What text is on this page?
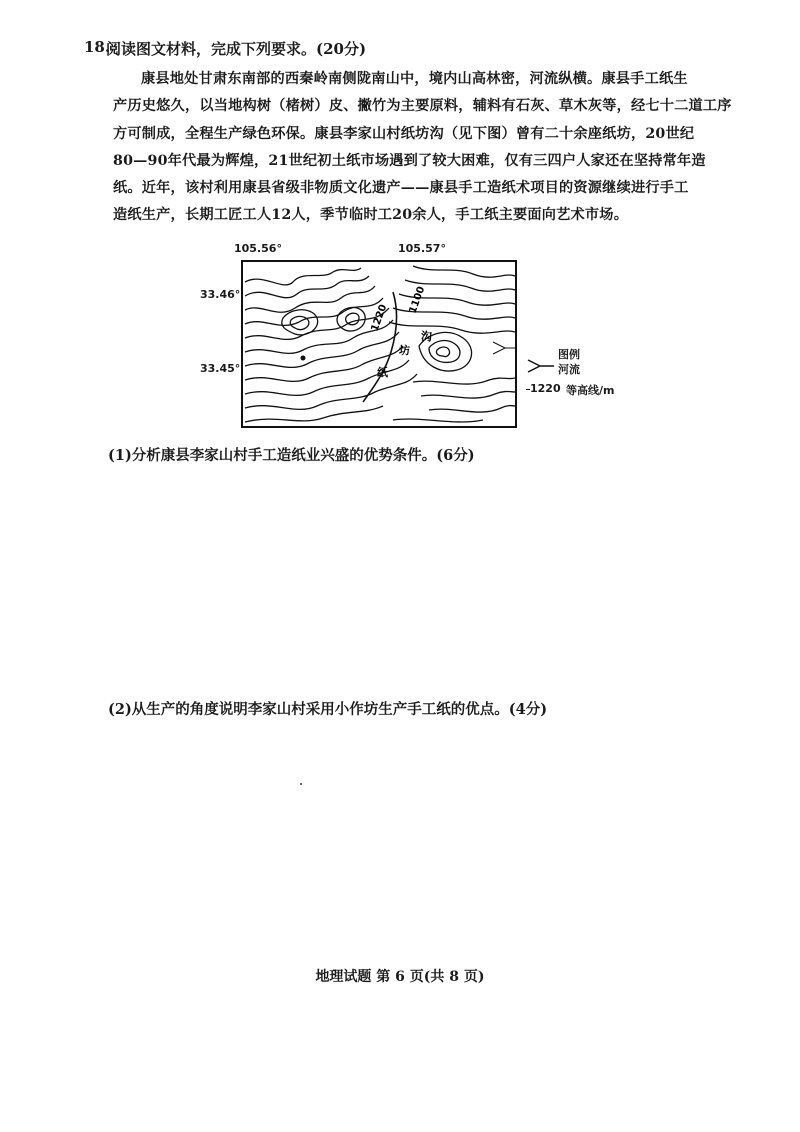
18.
阅读图文材料，完成下列要求。(20分)
康县地处甘肃东南部的西秦岭南侧陇南山中，境内山高林密，河流纵横。康县手工纸生
产历史悠久，以当地构树（楮树）皮、撇竹为主要原料，辅料有石灰、草木灰等，经七十二道工序
方可制成，全程生产绿色环保。康县李家山村纸坊沟（见下图）曾有二十余座纸坊，20世纪
80—90年代最为辉煌，21世纪初土纸市场遇到了较大困难，仅有三四户人家还在坚持常年造
纸。近年，该村利用康县省级非物质文化遗产——康县手工造纸术项目的资源继续进行手工
造纸生产，长期工匠工人12人，季节临时工20余人，手工纸主要面向艺术市场。
105.56°	105.57°
33.46°
33.45°
1220
1100
沟
坊
纸
图例
河流
1220 等高线/m
(1)分析康县李家山村手工造纸业兴盛的优势条件。(6分)
(2)从生产的角度说明李家山村采用小作坊生产手工纸的优点。(4分)
地理试题 第 6 页(共 8 页)
